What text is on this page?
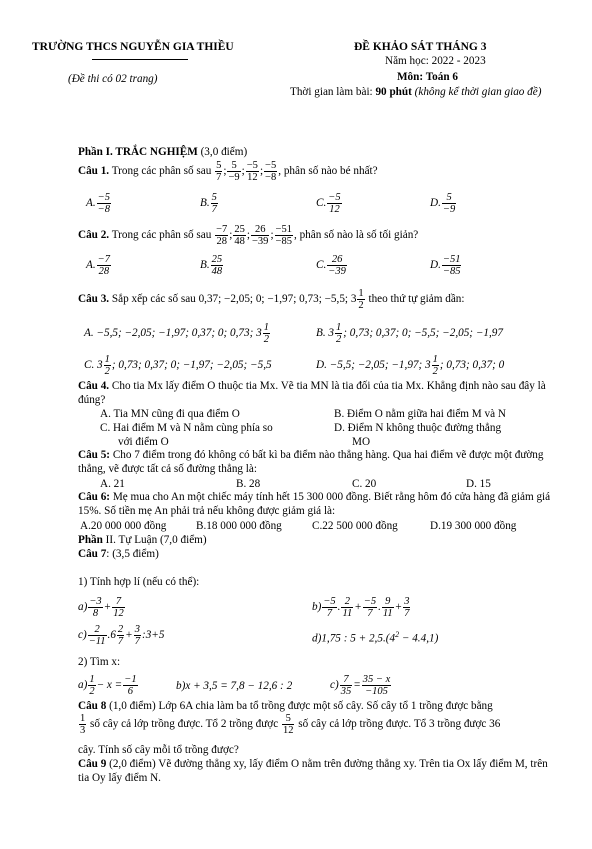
TRƯỜNG THCS NGUYỄN GIA THIỀU
(Đề thi có 02 trang)
ĐỀ KHẢO SÁT THÁNG 3
Năm học: 2022 - 2023
Môn: Toán 6
Thời gian làm bài: 90 phút (không kể thời gian giao đề)
Phần I. TRẮC NGHIỆM (3,0 điểm)
Câu 1. Trong các phân số sau $\frac{5}{7}$ ; $\frac{5}{-9}$ ; $\frac{-5}{12}$ ; $\frac{-5}{-8}$ , phân số nào bé nhất?
A. $\frac{-5}{-8}$	B. $\frac{5}{7}$	C. $\frac{-5}{12}$	D. $\frac{5}{-9}$
Câu 2. Trong các phân số sau $\frac{-7}{28}$ ; $\frac{25}{48}$ ; $\frac{26}{-39}$ ; $\frac{-51}{-85}$ , phân số nào là số tối giản?
A. $\frac{-7}{28}$	B. $\frac{25}{48}$	C. $\frac{26}{-39}$	D. $\frac{-51}{-85}$
Câu 3. Sắp xếp các số sau 0,37; −2,05; 0; −1,97; 0,73; −5,5; $3 \frac{1}{2}$ theo thứ tự giảm dần:
A. −5,5; −2,05; −1,97; 0,37; 0; 0,73; $3 \frac{1}{2}$	B. $3 \frac{1}{2}$ ; 0,73; 0,37; 0; −5,5; −2,05; −1,97
C. $3 \frac{1}{2}$ ; 0,73; 0,37; 0; −1,97; −2,05; −5,5	D. −5,5; −2,05; −1,97; $3 \frac{1}{2}$ ; 0,73; 0,37; 0
Câu 4. Cho tia Mx lấy điểm O thuộc tia Mx. Vẽ tia MN là tia đối của tia Mx. Khẳng định nào sau đây là đúng?
A. Tia MN cũng đi qua điểm O	B. Điểm O nằm giữa hai điểm M và N
C. Hai điểm M và N nằm cùng phía so
với điểm O
D. Điểm N không thuộc đường thẳng
MO
Câu 5: Cho 7 điểm trong đó không có bất kì ba điểm nào thẳng hàng. Qua hai điểm vẽ được một đường thẳng, vẽ được tất cả số đường thẳng là:
A. 21	B. 28	C. 20	D. 15
Câu 6: Mẹ mua cho An một chiếc máy tính hết 15 300 000 đồng. Biết rằng hôm đó cửa hàng đã giảm giá 15%. Số tiền mẹ An phải trả nếu không được giảm giá là:
A.20 000 000 đồng	B.18 000 000 đồng	C.22 500 000 đồng	D.19 300 000 đồng
Phần II. Tự Luận (7,0 điểm)
Câu 7: (3,5 điểm)
1) Tính hợp lí (nếu có thể):
$a) \frac{-3}{8} + \frac{7}{12}$	$b) \frac{-5}{7}$ . $\frac{2}{11} + \frac{-5}{7}$ . $\frac{9}{11} + \frac{3}{7}$
$c) \frac{2}{-11} .6 \frac{2}{7} + \frac{3}{7}$ :3+5	d)1,75 : $5 + 2,5.(4^2 - 4.4,1)$
2) Tìm x:
$a) \frac{1}{2} - x = \frac{-1}{6}$	b)x + 3,5 = 7,8 − 12,6 : 2	$c) \frac{7}{35} = \frac{35 - x}{-105}$
Câu 8 (1,0 điểm) Lớp 6A chia làm ba tổ trồng được một số cây. Số cây tổ 1 trồng được bằng
$\frac{1}{3}$ số cây cả lớp trồng được. Tổ 2 trồng được $\frac{5}{12}$ số cây cả lớp trồng được. Tổ 3 trồng được 36
cây. Tính số cây mỗi tổ trồng được?
Câu 9 (2,0 điểm) Vẽ đường thẳng xy, lấy điểm O nằm trên đường thẳng xy. Trên tia Ox lấy điểm M, trên tia Oy lấy điểm N.
